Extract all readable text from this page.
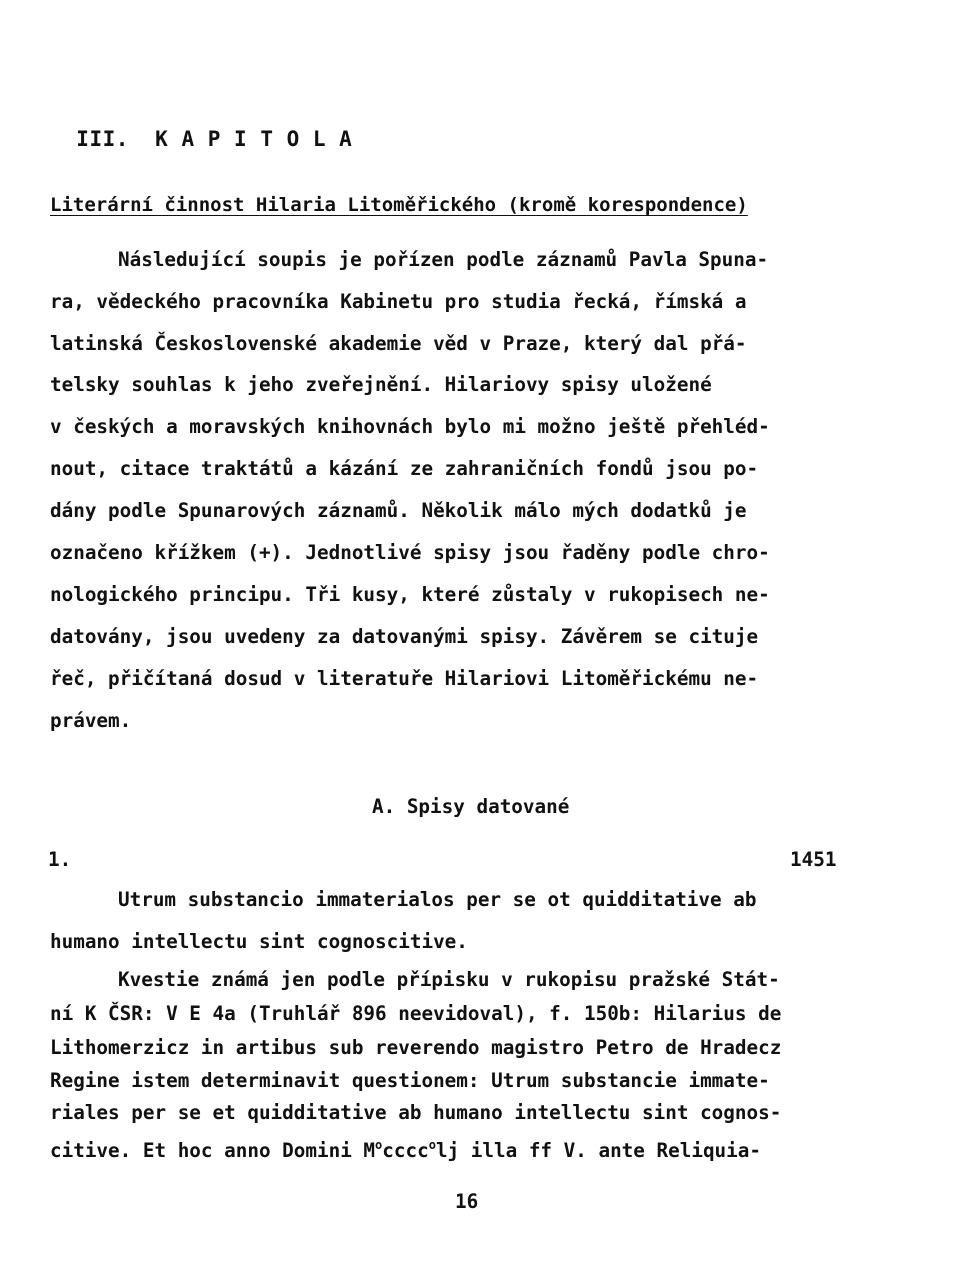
III. K A P I T O L A

Literární činnost Hilaria Litoměřického (kromě korespondence)
Následující soupis je pořízen podle záznamů Pavla Spuna-
ra, vědeckého pracovníka Kabinetu pro studia řecká, římská a
latinská Československé akademie věd v Praze, který dal přá-
telsky souhlas k jeho zveřejnění. Hilariovy spisy uložené
v českých a moravských knihovnách bylo mi možno ještě přehléd-
nout, citace traktátů a kázání ze zahraničních fondů jsou po-
dány podle Spunarových záznamů. Několik málo mých dodatků je
označeno křížkem (+). Jednotlivé spisy jsou řaděny podle chro-
nologického principu. Tři kusy, které zůstaly v rukopisech ne-
datovány, jsou uvedeny za datovanými spisy. Závěrem se cituje
řeč, přičítaná dosud v literatuře Hilariovi Litoměřickému ne-
právem.
A. Spisy datované
1.	1451
Utrum substancio immaterialos per se ot quidditative ab
humano intellectu sint cognoscitive.
Kvestie známá jen podle přípisku v rukopisu pražské Stát-
ní K ČSR: V E 4a (Truhlář 896 neevidoval), f. 150b: Hilarius de
Lithomerzicz in artibus sub reverendo magistro Petro de Hradecz
Regine istem determinavit questionem: Utrum substancie immate-
riales per se et quidditative ab humano intellectu sint cognos-
citive. Et hoc anno Domini $M^occcc^olj$ illa ff V. ante Reliquia-
16
